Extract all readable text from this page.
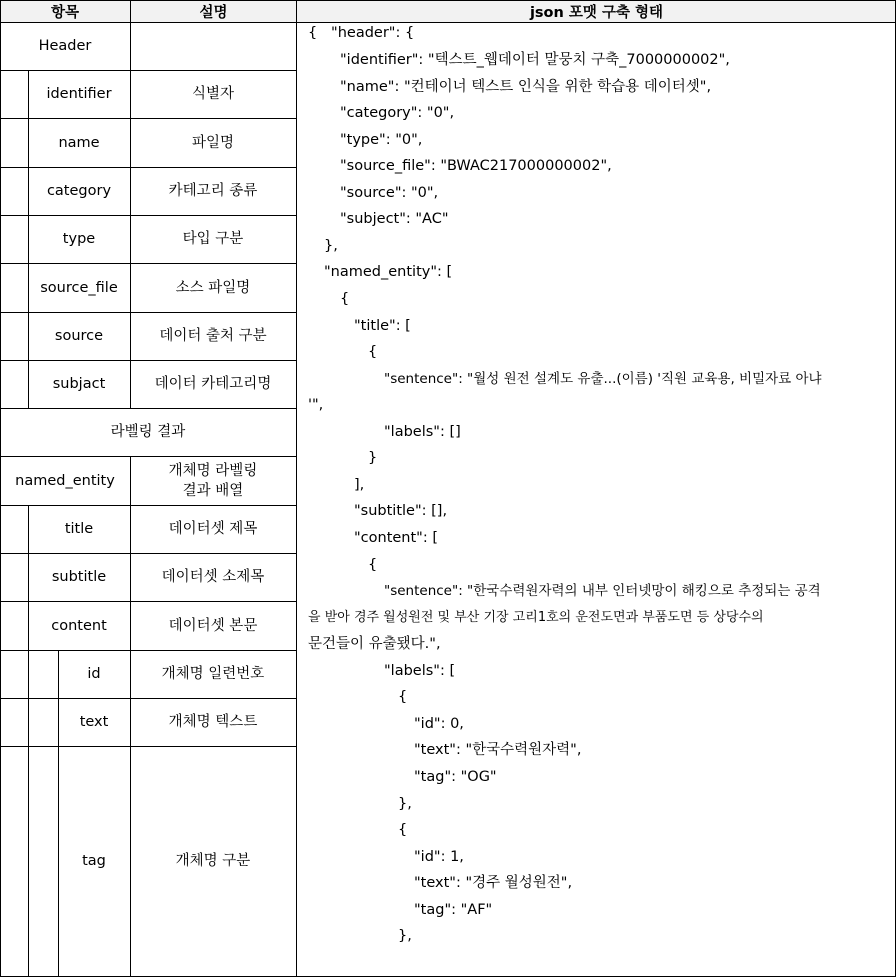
항목	설명	json 포맷 구축 형태
Header
identifier
name
category
type
source_file
source
subjact
라벨링 결과
named_entity
title
subtitle
content
id
text
tag
식별자
파일명
카테고리 종류
타입 구분
소스 파일명
데이터 출처 구분
데이터 카테고리명
개체명 라벨링
결과 배열
데이터셋 제목
데이터셋 소제목
데이터셋 본문
개체명 일련번호
개체명 텍스트
개체명 구분
{   "header": {
"identifier": "텍스트_웹데이터 말뭉치 구축_7000000002",
"name": "컨테이너 텍스트 인식을 위한 학습용 데이터셋",
"category": "0",
"type": "0",
"source_file": "BWAC217000000002",
"source": "0",
"subject": "AC"
},
"named_entity": [
{
"title": [
{
"sentence": "월성 원전 설계도 유출...(이름) '직원 교육용, 비밀자료 아냐
'",
"labels": []
}
],
"subtitle": [],
"content": [
{
"sentence": "한국수력원자력의 내부 인터넷망이 해킹으로 추정되는 공격
을 받아 경주 월성원전 및 부산 기장 고리1호의 운전도면과 부품도면 등 상당수의
문건들이 유출됐다.",
"labels": [
{
"id": 0,
"text": "한국수력원자력",
"tag": "OG"
},
{
"id": 1,
"text": "경주 월성원전",
"tag": "AF"
},
